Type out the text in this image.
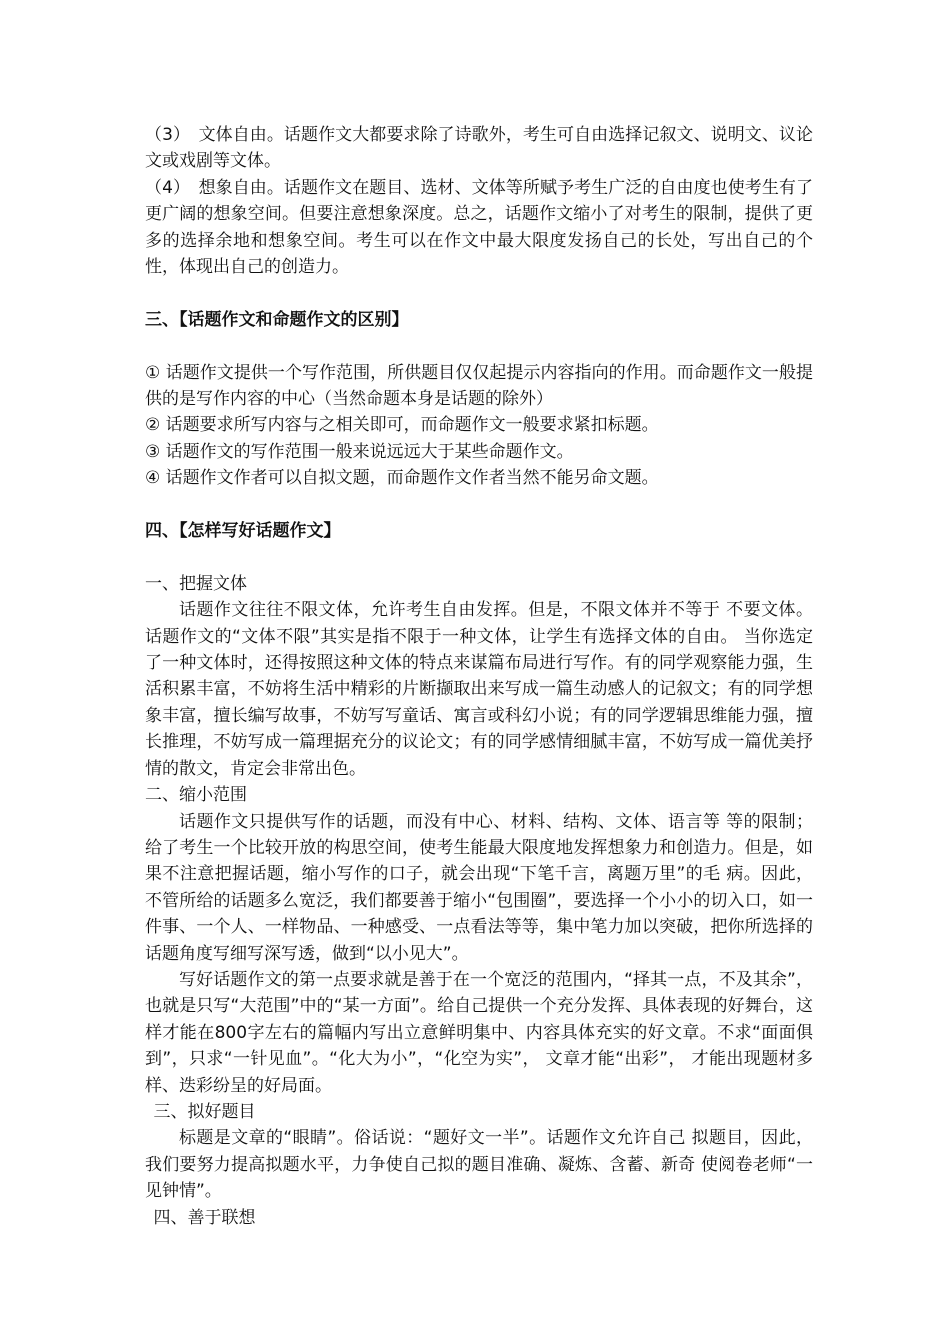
（3）　文体自由。话题作文大都要求除了诗歌外，考生可自由选择记叙文、说明文、议论文或戏剧等文体。

（4）　想象自由。话题作文在题目、选材、文体等所赋予考生广泛的自由度也使考生有了更广阔的想象空间。但要注意想象深度。总之，话题作文缩小了对考生的限制，提供了更多的选择余地和想象空间。考生可以在作文中最大限度发扬自己的长处，写出自己的个性，体现出自己的创造力。

三、【话题作文和命题作文的区别】

① 话题作文提供一个写作范围，所供题目仅仅起提示内容指向的作用。而命题作文一般提供的是写作内容的中心（当然命题本身是话题的除外）

② 话题要求所写内容与之相关即可，而命题作文一般要求紧扣标题。

③ 话题作文的写作范围一般来说远远大于某些命题作文。

④ 话题作文作者可以自拟文题，而命题作文作者当然不能另命文题。

四、【怎样写好话题作文】

一、把握文体

话题作文往往不限文体，允许考生自由发挥。但是，不限文体并不等于 不要文体。话题作文的“文体不限”其实是指不限于一种文体，让学生有选择文体的自由。 当你选定了一种文体时，还得按照这种文体的特点来谋篇布局进行写作。有的同学观察能力强，生活积累丰富，不妨将生活中精彩的片断撷取出来写成一篇生动感人的记叙文；有的同学想象丰富，擅长编写故事，不妨写写童话、寓言或科幻小说；有的同学逻辑思维能力强，擅长推理，不妨写成一篇理据充分的议论文；有的同学感情细腻丰富，不妨写成一篇优美抒情的散文，肯定会非常出色。

二、缩小范围

话题作文只提供写作的话题，而没有中心、材料、结构、文体、语言等 等的限制；给了考生一个比较开放的构思空间，使考生能最大限度地发挥想象力和创造力。但是，如果不注意把握话题，缩小写作的口子，就会出现“下笔千言，离题万里”的毛 病。因此，不管所给的话题多么宽泛，我们都要善于缩小“包围圈”，要选择一个小小的切入口，如一件事、一个人、一样物品、一种感受、一点看法等等，集中笔力加以突破，把你所选择的话题角度写细写深写透，做到“以小见大”。

写好话题作文的第一点要求就是善于在一个宽泛的范围内，“择其一点，不及其余”，也就是只写“大范围”中的“某一方面”。给自己提供一个充分发挥、具体表现的好舞台，这样才能在800字左右的篇幅内写出立意鲜明集中、内容具体充实的好文章。不求“面面俱到”，只求“一针见血”。“化大为小”，“化空为实”， 文章才能“出彩”， 才能出现题材多样、迭彩纷呈的好局面。

三、拟好题目

标题是文章的“眼睛”。俗话说：“题好文一半”。话题作文允许自己 拟题目，因此，我们要努力提高拟题水平，力争使自己拟的题目准确、凝炼、含蓄、新奇 使阅卷老师“一见钟情”。

四、善于联想
